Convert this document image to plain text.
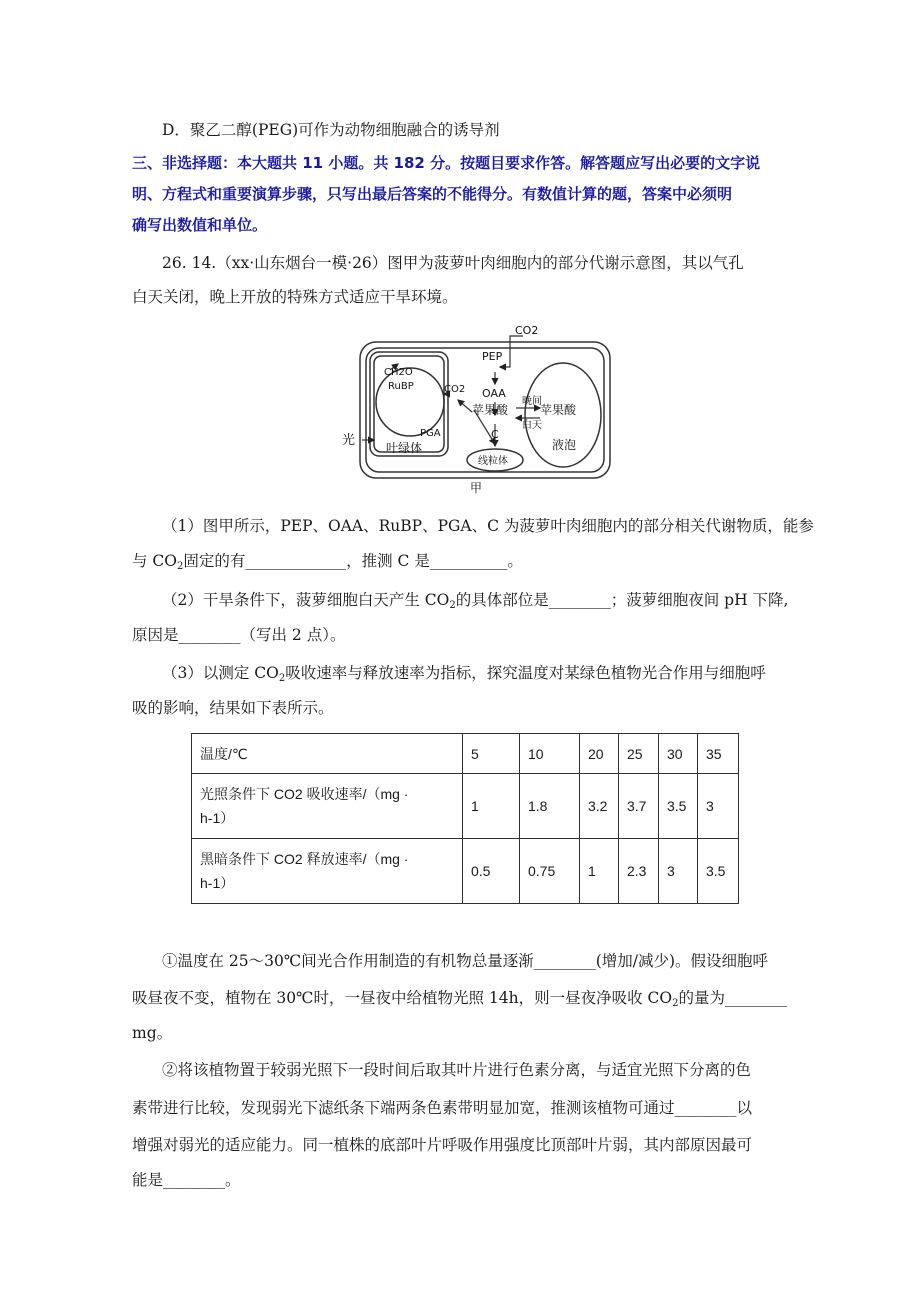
D．聚乙二醇(PEG)可作为动物细胞融合的诱导剂
三、非选择题：本大题共 11 小题。共 182 分。按题目要求作答。解答题应写出必要的文字说
明、方程式和重要演算步骤，只写出最后答案的不能得分。有数值计算的题，答案中必须明
确写出数值和单位。
26. 14.（xx·山东烟台一模·26）图甲为菠萝叶肉细胞内的部分代谢示意图，其以气孔
白天关闭，晚上开放的特殊方式适应干旱环境。
CO2
PEP
OAA
苹果酸	苹果酸
晚间
白天
C
线粒体
液泡
CH2O
RuBP	CO2
PGA
光	叶绿体
甲
（1）图甲所示，PEP、OAA、RuBP、PGA、C 为菠萝叶肉细胞内的部分相关代谢物质，能参
与 $CO_2$固定的有_____________，推测 C 是__________。
（2）干旱条件下，菠萝细胞白天产生 $CO_2$的具体部位是________；菠萝细胞夜间 pH 下降,
原因是________（写出 2 点）。
（3）以测定 $CO_2$吸收速率与释放速率为指标，探究温度对某绿色植物光合作用与细胞呼
吸的影响，结果如下表所示。
温度/℃	5	10	20	25	30	35
光照条件下 CO2 吸收速率/（mg ·
h-1）	1	1.8	3.2	3.7	3.5	3
黑暗条件下 CO2 释放速率/（mg ·
h-1）	0.5	0.75	1	2.3	3	3.5
①温度在 25～30℃间光合作用制造的有机物总量逐渐________(增加/减少)。假设细胞呼
吸昼夜不变，植物在 30℃时，一昼夜中给植物光照 14h，则一昼夜净吸收 $CO_2$的量为________
mg。
②将该植物置于较弱光照下一段时间后取其叶片进行色素分离，与适宜光照下分离的色
素带进行比较，发现弱光下滤纸条下端两条色素带明显加宽，推测该植物可通过________以
增强对弱光的适应能力。同一植株的底部叶片呼吸作用强度比顶部叶片弱，其内部原因最可
能是________。
